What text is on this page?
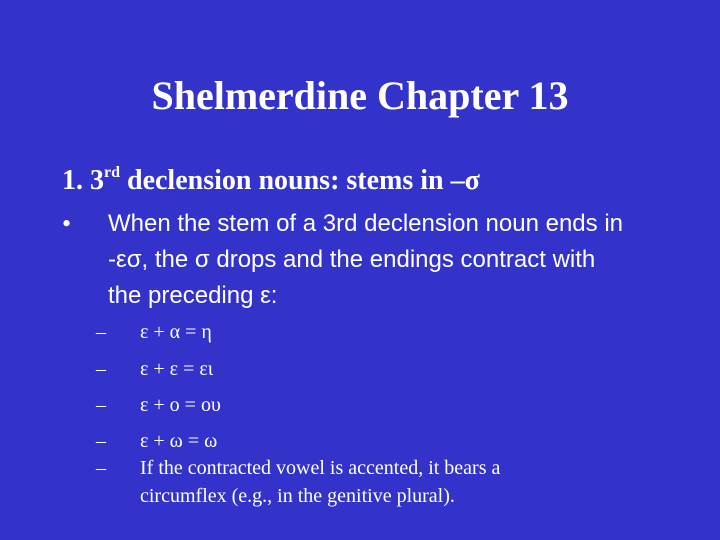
Shelmerdine Chapter 13
1. 3rd declension nouns: stems in –σ
• When the stem of a 3rd declension noun ends in
-εσ, the σ drops and the endings contract with
the preceding ε:
– ε + α = η
– ε + ε = ει
– ε + ο = ου
– ε + ω = ω
– If the contracted vowel is accented, it bears a
circumflex (e.g., in the genitive plural).
